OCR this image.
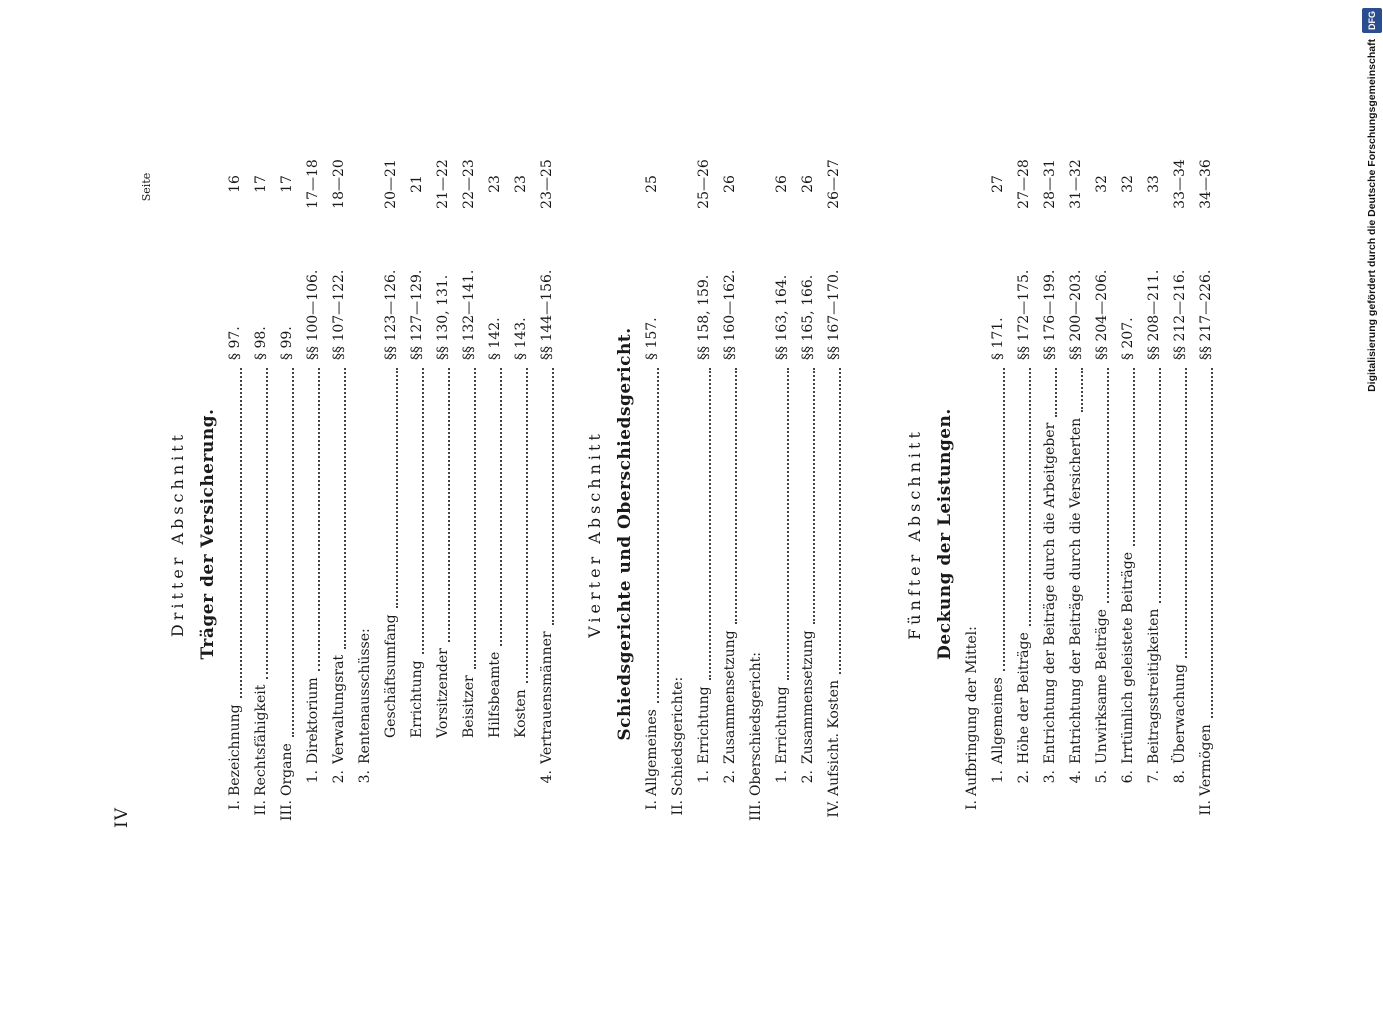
IV
Seite
Dritter Abschnitt Träger der Versicherung.
I.
Bezeichnung
§ 97.
16
II.
Rechtsfähigkeit
§ 98.
17
III.
Organe
§ 99.
17
1.
Direktorium
§§ 100—106.
17—18
2.
Verwaltungsrat
§§ 107—122.
18—20
3.
Rentenausschüsse: Geschäftsumfang
§§ 123—126.
20—21
Errichtung
§§ 127—129.
21
Vorsitzender
§§ 130, 131.
21—22
Beisitzer
§§ 132—141.
22—23
Hilfsbeamte
§ 142.
23
Kosten
§ 143.
23
4.
Vertrauensmänner
§§ 144—156.
23—25
Vierter Abschnitt Schiedsgerichte und Oberschiedsgericht.
I.
Allgemeines
§ 157.
25
II.
Schiedsgerichte: 1.
Errichtung
§§ 158, 159.
25—26
2.
Zusammensetzung
§§ 160—162.
26
III.
Oberschiedsgericht: 1.
Errichtung
§§ 163, 164.
26
2.
Zusammensetzung
§§ 165, 166.
26
IV.
Aufsicht. Kosten
§§ 167—170.
26—27
Fünfter Abschnitt Deckung der Leistungen.
I.
Aufbringung der Mittel: 1.
Allgemeines
§ 171.
27
2.
Höhe der Beiträge
§§ 172—175.
27—28
3.
Entrichtung der Beiträge durch die Arbeitgeber
§§ 176—199.
28—31
4.
Entrichtung der Beiträge durch die Versicherten
§§ 200—203.
31—32
5.
Unwirksame Beiträge
§§ 204—206.
32
6.
Irrtümlich geleistete Beiträge
§ 207.
32
7.
Beitragsstreitigkeiten
§§ 208—211.
33
8.
Überwachung
§§ 212—216.
33—34
II.
Vermögen
§§ 217—226.
34—36	Digitalisierung gefördert durch die Deutsche Forschungsgemeinschaft DFG
